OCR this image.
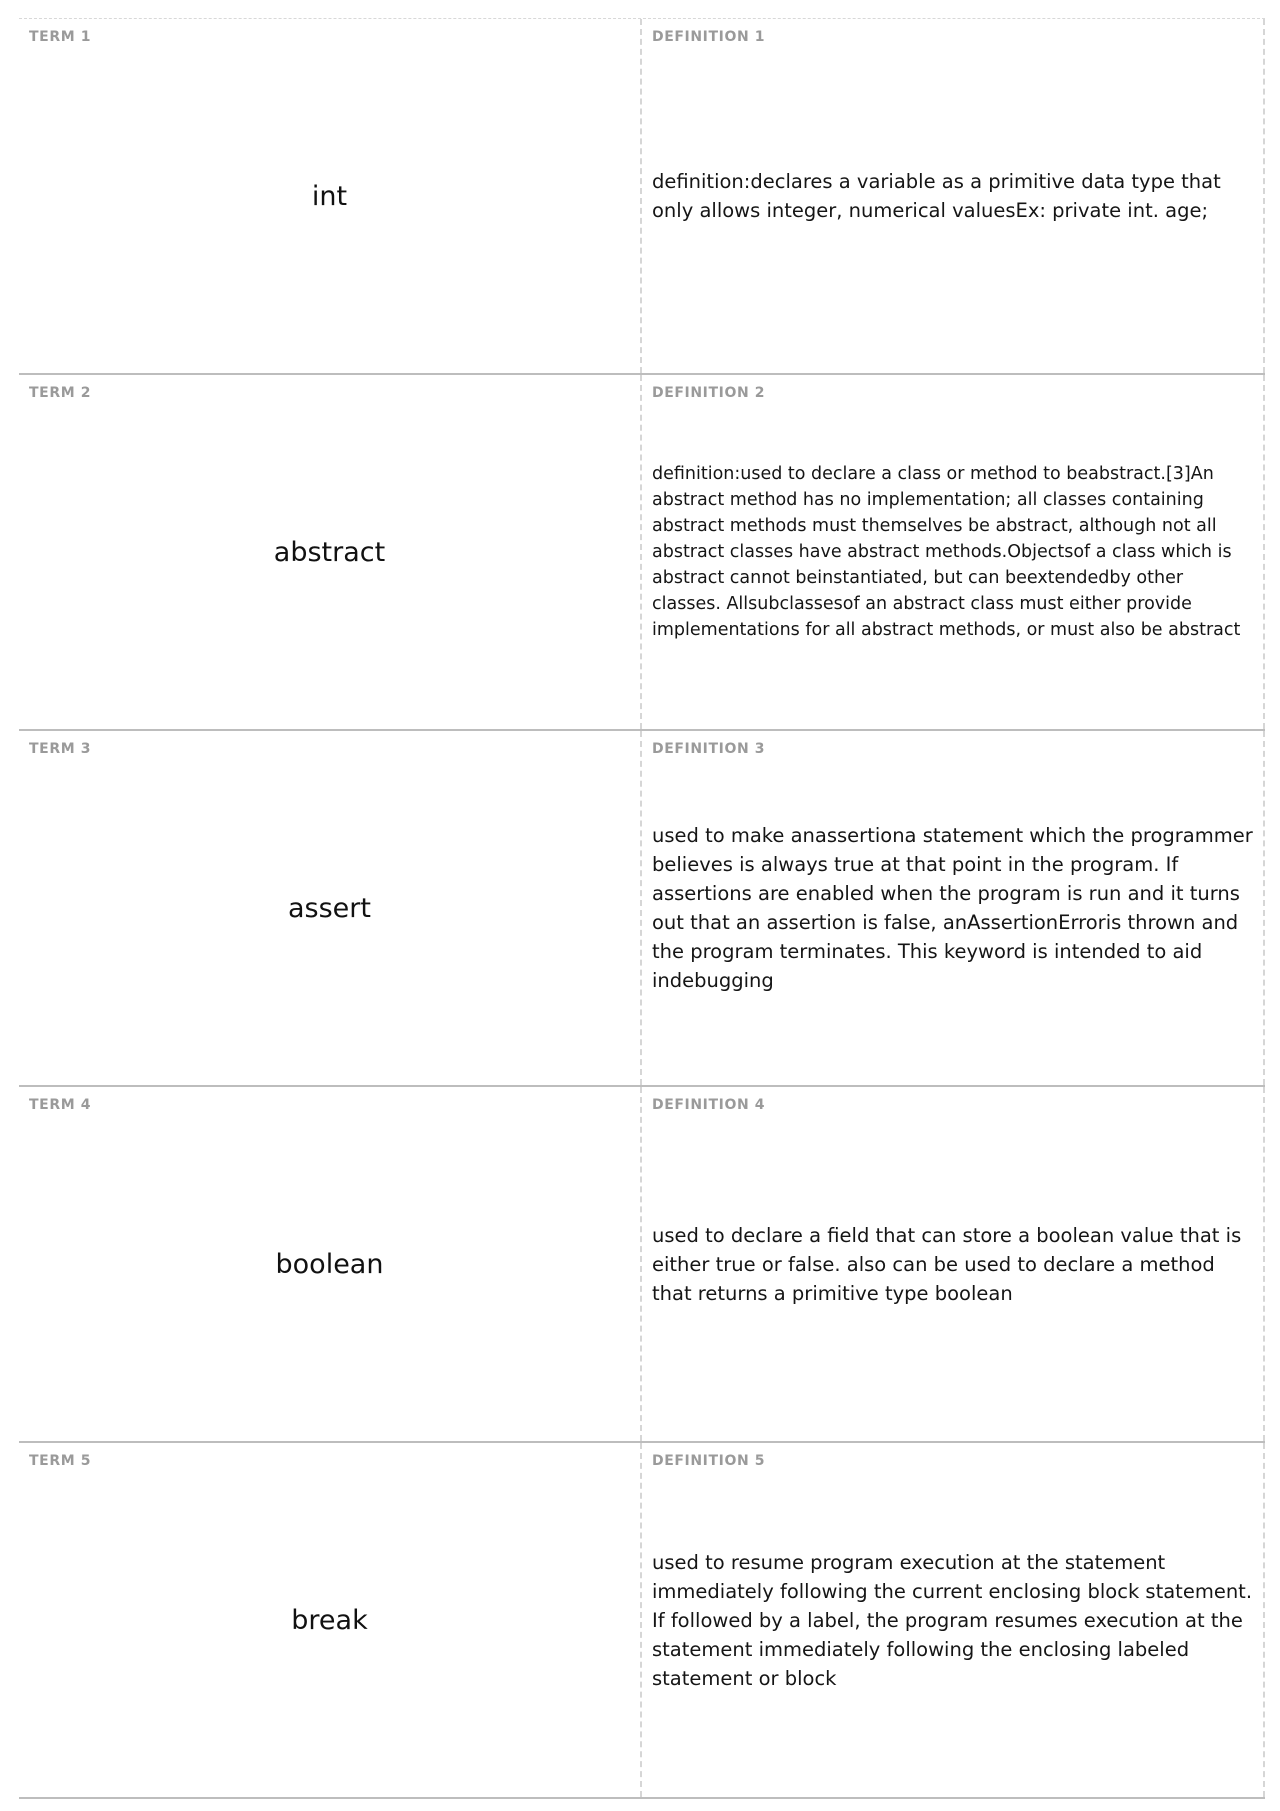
TERM 1
int
DEFINITION 1
definition:declares a variable as a primitive data type that only allows integer, numerical valuesEx: private int. age;
TERM 2
abstract
DEFINITION 2
definition:used to declare a class or method to beabstract.[3]An abstract method has no implementation; all classes containing abstract methods must themselves be abstract, although not all abstract classes have abstract methods.Objectsof a class which is abstract cannot beinstantiated, but can beextendedby other classes. Allsubclassesof an abstract class must either provide implementations for all abstract methods, or must also be abstract
TERM 3
assert
DEFINITION 3
used to make anassertiona statement which the programmer believes is always true at that point in the program. If assertions are enabled when the program is run and it turns out that an assertion is false, anAssertionErroris thrown and the program terminates. This keyword is intended to aid indebugging
TERM 4
boolean
DEFINITION 4
used to declare a field that can store a boolean value that is either true or false. also can be used to declare a method that returns a primitive type boolean
TERM 5
break
DEFINITION 5
used to resume program execution at the statement immediately following the current enclosing block statement. If followed by a label, the program resumes execution at the statement immediately following the enclosing labeled statement or block
